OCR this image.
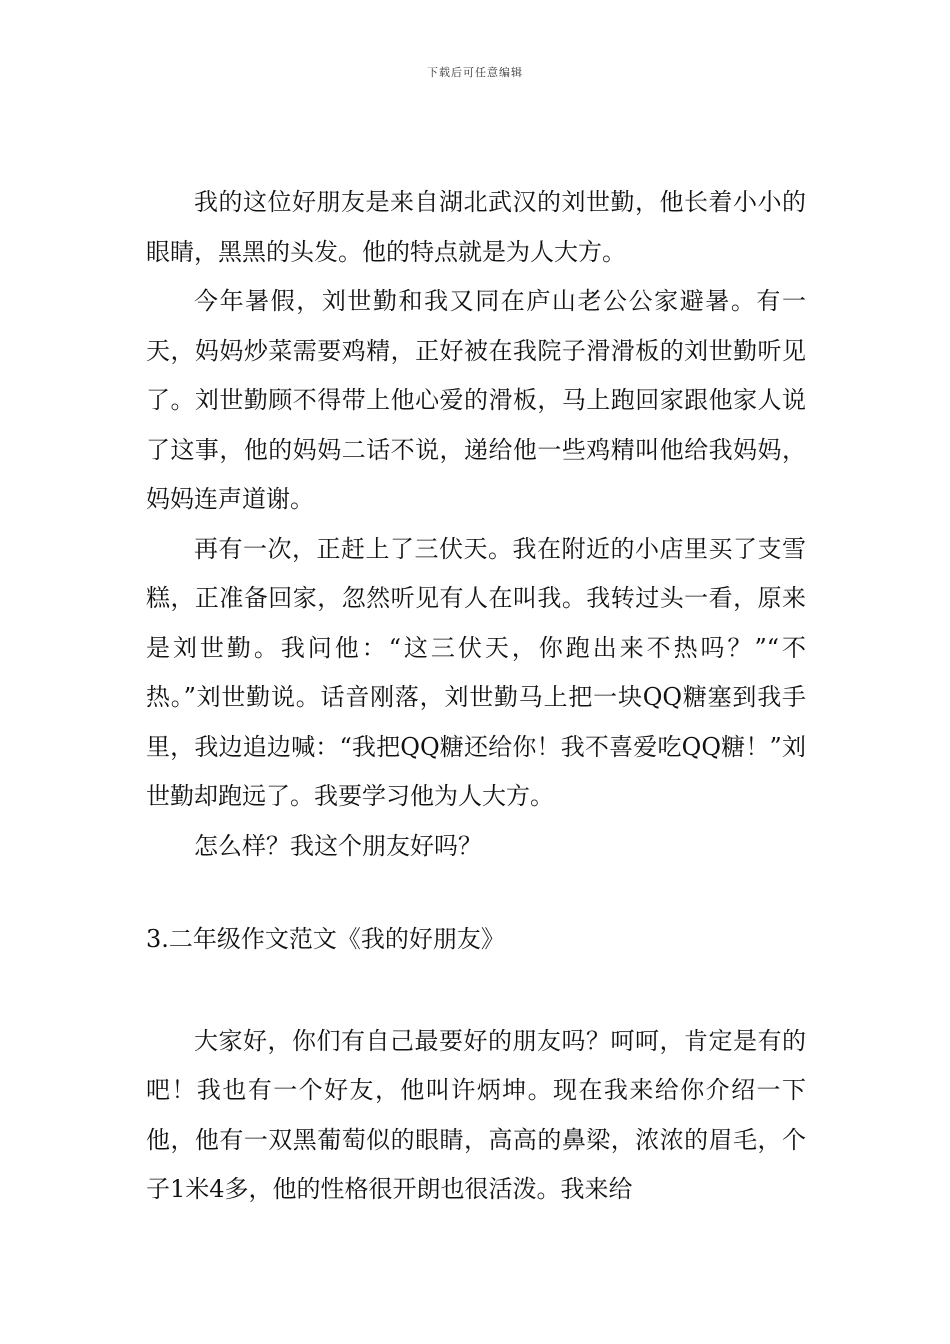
下载后可任意编辑

我的这位好朋友是来自湖北武汉的刘世勤，他长着小小的眼睛，黑黑的头发。他的特点就是为人大方。

今年暑假，刘世勤和我又同在庐山老公公家避暑。有一天，妈妈炒菜需要鸡精，正好被在我院子滑滑板的刘世勤听见了。刘世勤顾不得带上他心爱的滑板，马上跑回家跟他家人说了这事，他的妈妈二话不说，递给他一些鸡精叫他给我妈妈，妈妈连声道谢。

再有一次，正赶上了三伏天。我在附近的小店里买了支雪糕，正准备回家，忽然听见有人在叫我。我转过头一看，原来是刘世勤。我问他：“这三伏天，你跑出来不热吗？”“不热。”刘世勤说。话音刚落，刘世勤马上把一块QQ糖塞到我手里，我边追边喊：“我把QQ糖还给你！我不喜爱吃QQ糖！”刘世勤却跑远了。我要学习他为人大方。

怎么样？我这个朋友好吗？

3.二年级作文范文《我的好朋友》

大家好，你们有自己最要好的朋友吗？呵呵，肯定是有的吧！我也有一个好友，他叫许炳坤。现在我来给你介绍一下他，他有一双黑葡萄似的眼睛，高高的鼻梁，浓浓的眉毛，个子1米4多，他的性格很开朗也很活泼。我来给
